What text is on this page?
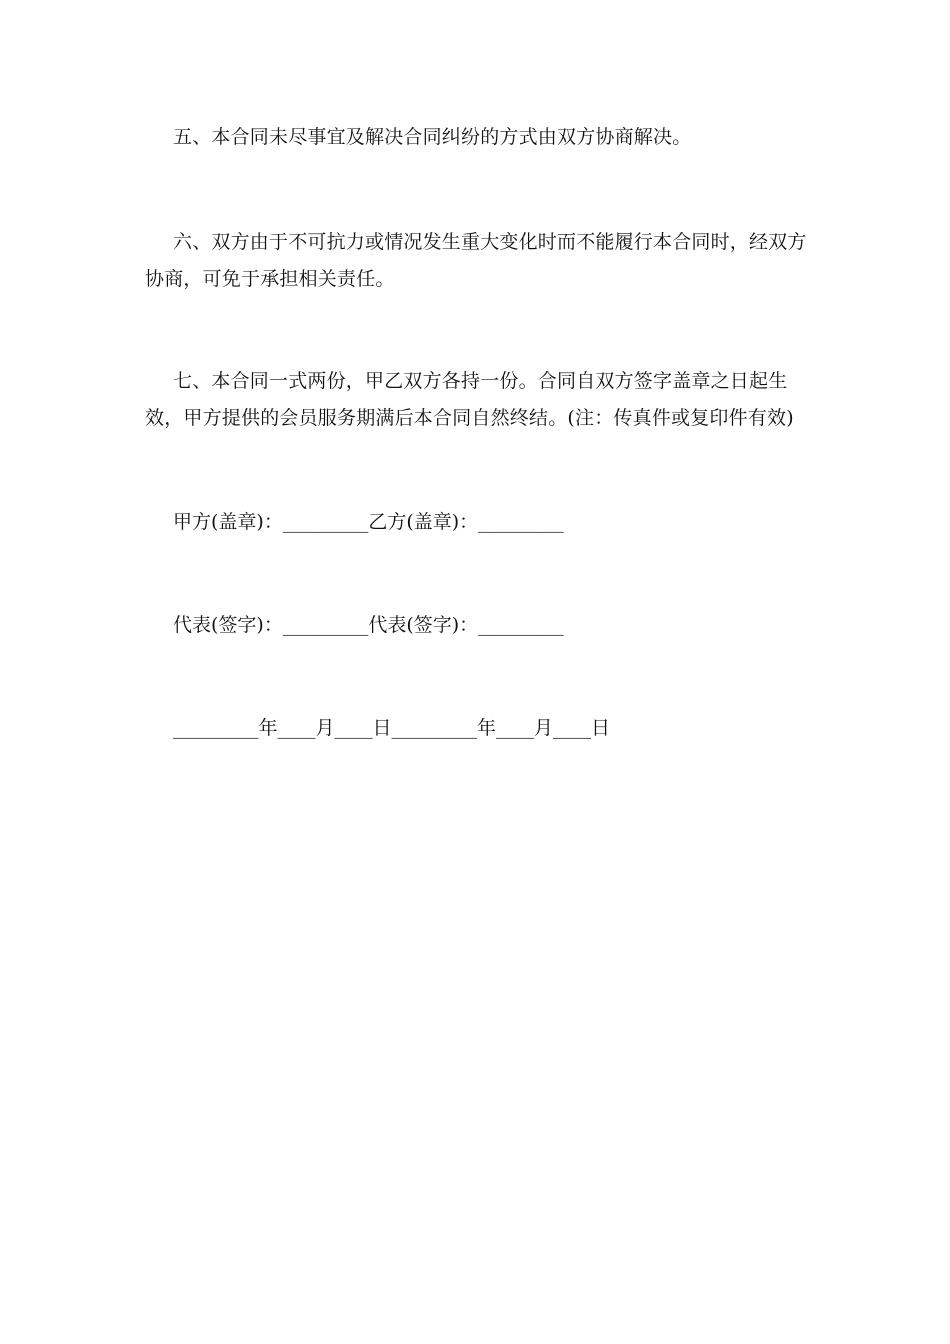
五、本合同未尽事宜及解决合同纠纷的方式由双方协商解决。

六、双方由于不可抗力或情况发生重大变化时而不能履行本合同时，经双方协商，可免于承担相关责任。

七、本合同一式两份，甲乙双方各持一份。合同自双方签字盖章之日起生效，甲方提供的会员服务期满后本合同自然终结。(注：传真件或复印件有效)

甲方(盖章)：_________乙方(盖章)：_________

代表(签字)：_________代表(签字)：_________

_________年____月____日_________年____月____日
